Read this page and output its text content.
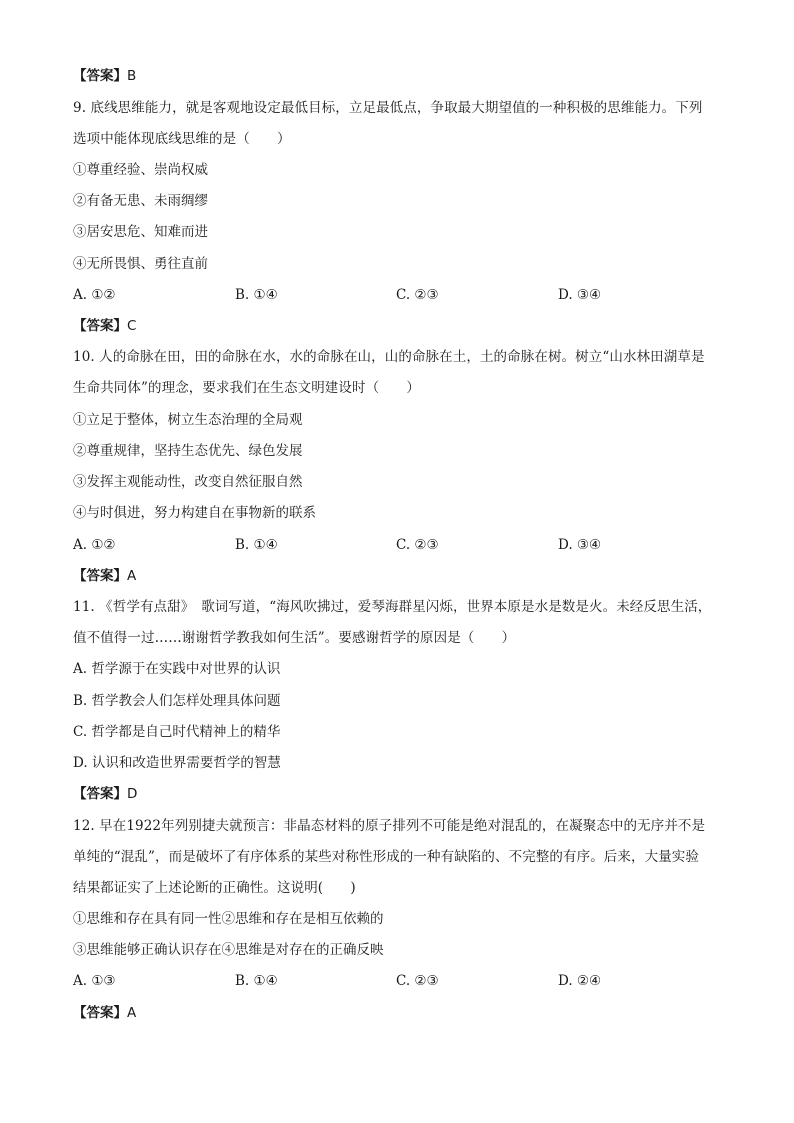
【答案】B
9. 底线思维能力，就是客观地设定最低目标，立足最低点，争取最大期望值的一种积极的思维能力。下列
选项中能体现底线思维的是（　　）
①尊重经验、崇尚权威
②有备无患、未雨绸缪
③居安思危、知难而进
④无所畏惧、勇往直前
A. ①②	B. ①④	C. ②③	D. ③④
【答案】C
10. 人的命脉在田，田的命脉在水，水的命脉在山，山的命脉在土，土的命脉在树。树立“山水林田湖草是
生命共同体”的理念，要求我们在生态文明建设时（　　）
①立足于整体，树立生态治理的全局观
②尊重规律，坚持生态优先、绿色发展
③发挥主观能动性，改变自然征服自然
④与时俱进，努力构建自在事物新的联系
A. ①②	B. ①④	C. ②③	D. ③④
【答案】A
11. 《哲学有点甜》　歌词写道，“海风吹拂过，爱琴海群星闪烁，世界本原是水是数是火。未经反思生活，
值不值得一过……谢谢哲学教我如何生活”。要感谢哲学的原因是（　　）
A. 哲学源于在实践中对世界的认识
B. 哲学教会人们怎样处理具体问题
C. 哲学都是自己时代精神上的精华
D. 认识和改造世界需要哲学的智慧
【答案】D
12. 早在1922年列别捷夫就预言：非晶态材料的原子排列不可能是绝对混乱的，在凝聚态中的无序并不是
单纯的“混乱”，而是破坏了有序体系的某些对称性形成的一种有缺陷的、不完整的有序。后来，大量实验
结果都证实了上述论断的正确性。这说明(　　)
①思维和存在具有同一性②思维和存在是相互依赖的
③思维能够正确认识存在④思维是对存在的正确反映
A. ①③	B. ①④	C. ②③	D. ②④
【答案】A
